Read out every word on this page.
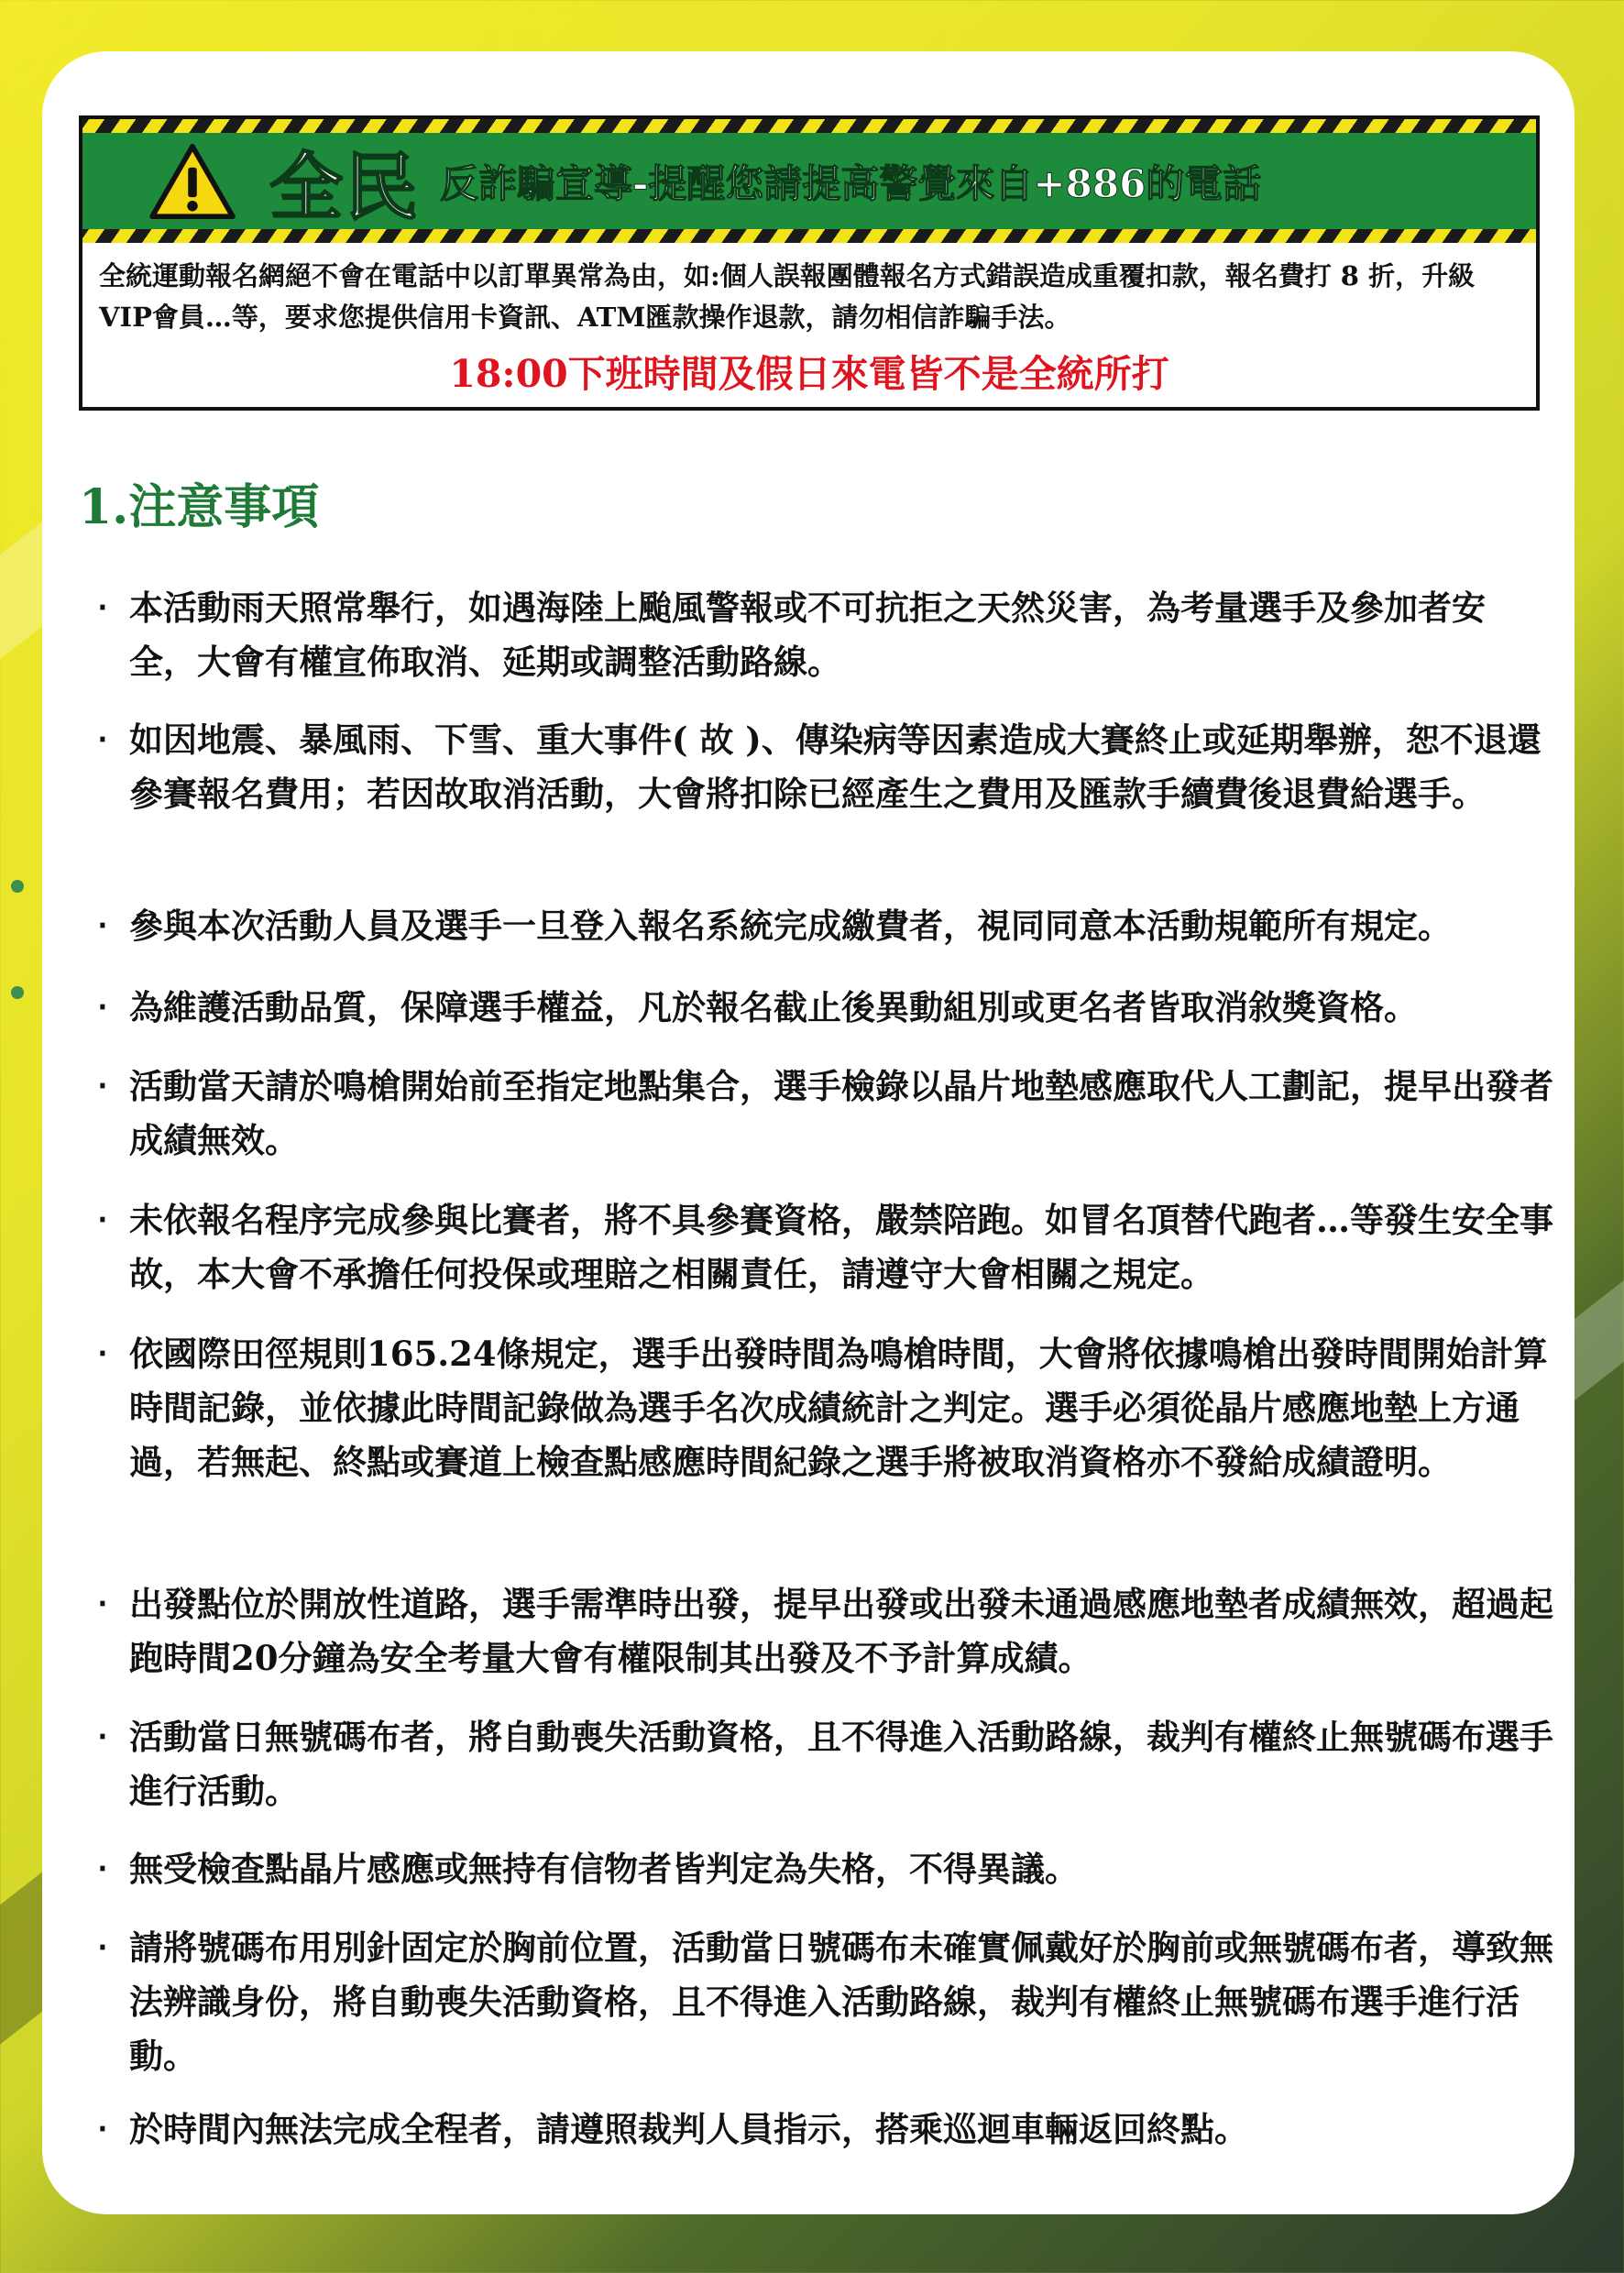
全民 反詐騙宣導-提醒您請提高警覺來自+886的電話
全統運動報名網絕不會在電話中以訂單異常為由，如:個人誤報團體報名方式錯誤造成重覆扣款，報名費打 8 折，升級VIP會員…等，要求您提供信用卡資訊、ATM匯款操作退款，請勿相信詐騙手法。
18:00下班時間及假日來電皆不是全統所打
1.注意事項
‧ 本活動雨天照常舉行，如遇海陸上颱風警報或不可抗拒之天然災害，為考量選手及參加者安 全，大會有權宣佈取消、延期或調整活動路線。
‧ 如因地震、暴風雨、下雪、重大事件( 故 )、傳染病等因素造成大賽終止或延期舉辦，恕不退還參賽報名費用；若因故取消活動，大會將扣除已經產生之費用及匯款手續費後退費給選手。
‧ 參與本次活動人員及選手一旦登入報名系統完成繳費者，視同同意本活動規範所有規定。
‧ 為維護活動品質，保障選手權益，凡於報名截止後異動組別或更名者皆取消敘獎資格。
‧ 活動當天請於鳴槍開始前至指定地點集合，選手檢錄以晶片地墊感應取代人工劃記，提早出發者成績無效。
‧ 未依報名程序完成參與比賽者，將不具參賽資格，嚴禁陪跑。如冒名頂替代跑者…等發生安全事故，本大會不承擔任何投保或理賠之相關責任，請遵守大會相關之規定。
‧ 依國際田徑規則165.24條規定，選手出發時間為鳴槍時間，大會將依據鳴槍出發時間開始計算時間記錄，並依據此時間記錄做為選手名次成績統計之判定。選手必須從晶片感應地墊上方通過，若無起、終點或賽道上檢查點感應時間紀錄之選手將被取消資格亦不發給成績證明。
‧ 出發點位於開放性道路，選手需準時出發，提早出發或出發未通過感應地墊者成績無效，超過起跑時間20分鐘為安全考量大會有權限制其出發及不予計算成績。
‧ 活動當日無號碼布者，將自動喪失活動資格，且不得進入活動路線，裁判有權終止無號碼布選手進行活動。
‧ 無受檢查點晶片感應或無持有信物者皆判定為失格，不得異議。
‧ 請將號碼布用別針固定於胸前位置，活動當日號碼布未確實佩戴好於胸前或無號碼布者，導致無法辨識身份，將自動喪失活動資格，且不得進入活動路線，裁判有權終止無號碼布選手進行活動。
‧ 於時間內無法完成全程者，請遵照裁判人員指示，搭乘巡迴車輛返回終點。
